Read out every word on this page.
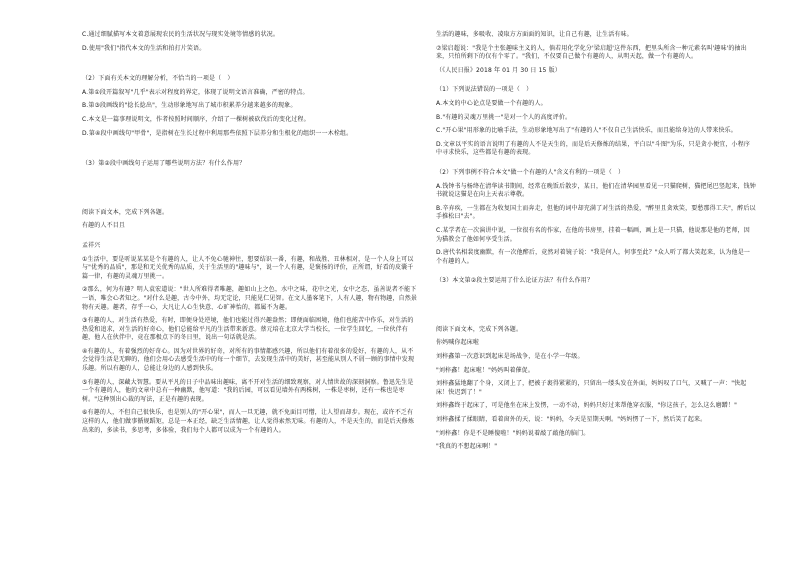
C.通过细腻描写本文着意展现农民的生活状况与现实处境等情感的状况。

D.使用"我们"指代本文的生活和拍打片笑语。

（2）下面有关本文的理解分析，不恰当的一项是（　）

A.第①段开篇叙写"几乎"表示对程度的界定，体现了说明文语言准确，严密的特点。

B.第③段画线的"捻长捻出"，生动形象地写出了城市积累养分越来越多的现象。

C.本文是一篇事理说明文，作者按照时间顺序，介绍了一棵树被砍伐后的变化过程。

D.第④段中画线句"甲骨"，是指树在生长过程中利用那些依照下层养分和生根化的组织一一木栓组。

（3）第②段中画线句子运用了哪些说明方法？有什么作用？

阅读下面文本，完成下列各题。

有趣的人不目且

孟祥兴

①生活中，要是听说某某是个有趣的人，让人不免心驰神往，想要结识一番，有趣，和战胜、丑林相对，是一个人身上可以与"优秀的品质"，那是和无关优秀的品质，关于生活里的"趣味与"，说一个人有趣，是褒扬的评价，正所谓，好看的皮囊千篇一律，有趣的灵魂万里挑一。

②那么，何为有趣？明人袁宏道说："世人所难得者唯趣，趣如山上之色，水中之味，花中之光，女中之态，虽善说者不能下一语，唯会心者知之。"对什么是趣，古今中外，均无定论，只能见仁见智。在文人墨客笔下，人有人趣，物有物趣，自然景物有天趣。趣者，存乎一心，大凡让人心生快意、心旷神怡的，都属不为趣。

③有趣的人，对生活有热爱，有时，即便身处逆境，他们也能过得兴趣盎然；即便面临困境，他们也能苦中作乐，对生活的热爱和追求，对生活的好奇心，他们总能给平凡的生活带来新意。蔡元培在北京大学当校长，一位学生回忆，一位伙伴有趣，他人在伙伴中，竟在那极点下的冬日里，说出一句话就是活。

④有趣的人，有着强烈的好奇心。因为对世界的好奇，对所有的事情都感兴趣，所以他们有着很多的爱好，有趣的人，从不会觉得生活是无聊的，他们会用心去感受生活中的每一个细节，去发现生活中的美好，甚至能从别人不屑一顾的事情中发现乐趣。所以有趣的人，总能让身边的人感到快乐。

⑤有趣的人，深藏大智慧。要从平凡的日子中品味出趣味，离不开对生活的细致观察，对人情世故的深刻洞察。鲁迅先生是一个有趣的人，他的文章中总有一种幽默，他写道："我的后园，可以看见墙外有两株树，一株是枣树，还有一株也是枣树。"这种别出心裁的写法，正是有趣的表现。

⑥有趣的人，不但自己很快乐，也是别人的"开心果"，而人一旦无趣，就不免面目可憎，让人望而却步。现在，或许不乏有这样的人，他们做事循规蹈矩，总是一本正经，缺乏生活情趣，让人觉得索然无味。有趣的人，不是天生的，而是后天修炼出来的，多读书，多思考，多体验，我们每个人都可以成为一个有趣的人。

生活的趣味，多吸收、凌取方方面面的知识，让自己有趣，让生活有味。

⑦梁启超说："我是个主张趣味主义的人，倘若用化学化分'梁启超'这件东西，把里头所含一种元素名叫'趣味'的抽出来，只怕所剩下的仅有个零了。"我们，不仅要自己做个有趣的人，从明天起，做一个有趣的人。

（《人民日报》2018 年 01 月 30 日 15 版）

（1）下列说法错误的一项是（　）

A.本文的中心论点是要做一个有趣的人。

B."有趣的灵魂万里挑一"是对一个人的高度评价。

C."开心果"用形象的比喻手法，生动形象地写出了"有趣的人"不仅自己生活快乐，而且能给身边的人带来快乐。

D.文章以平实的语言说明了有趣的人不是天生的，而是后天修炼的结果，平白以"斗图"为乐，只是贪小便宜，小程序中寻求快乐，这些都是有趣的表现。

（2）下列事例不符合本文"做一个有趣的人"含义有利的一项是（　）

A.钱钟书与杨绛在清华读书期间，经常在晚饭后散步，某日，他们在清华园里看见一只猫爬树，猫把尾巴竖起来，钱钟书就说这猫是在向上天表示尊敬。

B.辛弃疾，一生都在为收复国土而奔走，但他的词中却充满了对生活的热爱，"醉里且贪欢笑，要愁那得工夫"，醉后以手推松曰"去"。

C.某学者在一次演讲中说，一位很有名的作家，在他的书房里，挂着一幅画，画上是一只猫，他说那是他的老师，因为猫教会了他如何享受生活。

D.唐代名相裴度幽默，有一次他醉后，竟然对着镜子说："我是何人，何事至此？"众人听了都大笑起来，认为他是一个有趣的人。

（3）本文第②段主要运用了什么论证方法？有什么作用？

阅读下面文本，完成下列各题。

你妈喊你起床啦

刘梓鑫第一次意识到起床是场战争，是在小学一年级。

"刘梓鑫！起床啦！"妈妈叫着催促。

刘梓鑫猛地翻了个身，又闭上了，把被子裹得紧紧的，只留出一缕头发在外面，妈妈叹了口气，又喊了一声："快起床！快迟到了！"

刘梓鑫终于起床了，可是他坐在床上发愣，一动不动，妈妈只好过来帮他穿衣服，"你这孩子，怎么这么磨蹭！"

刘梓鑫揉了揉眼睛，看着窗外的天，说："妈妈，今天是星期天啊。"妈妈愣了一下，然后笑了起来。

"刘梓鑫！你是不是睡傻啦！"妈妈说着敲了敲他的脑门。

"我真的不想起床啊！"
